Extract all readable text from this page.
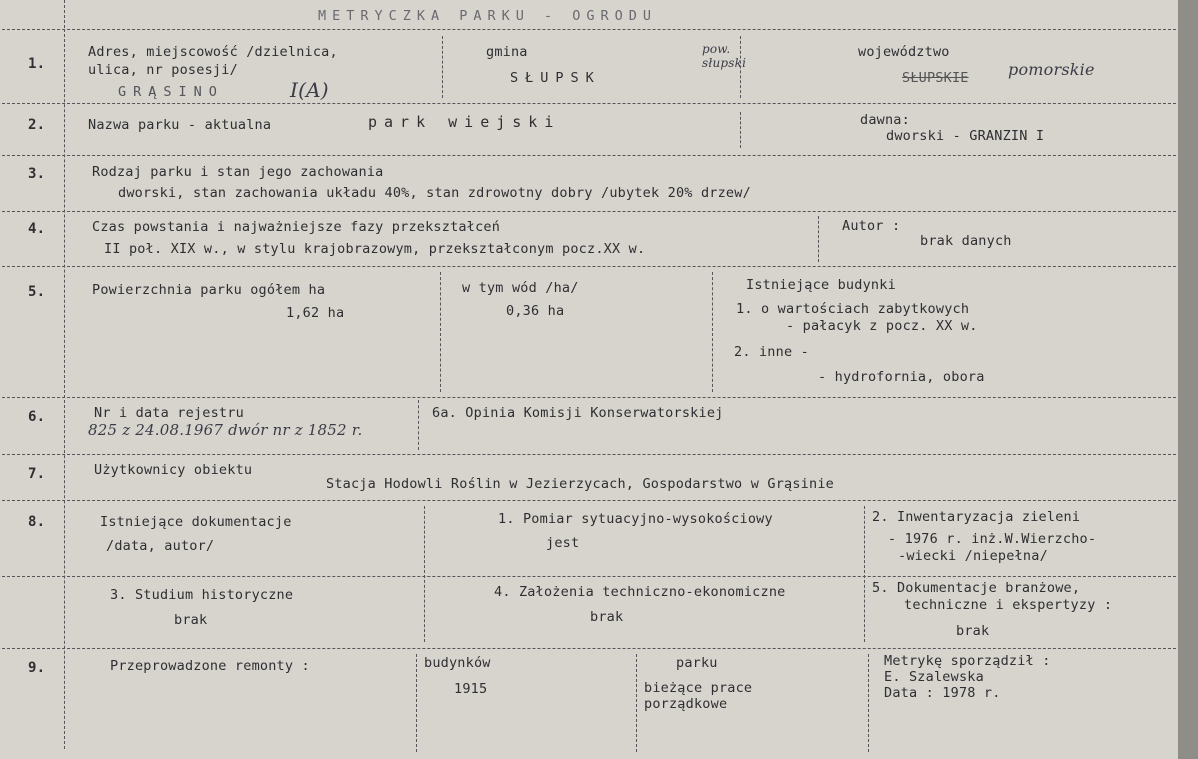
METRYCZKA PARKU - OGRODU
1.
Adres, miejscowość /dzielnica,
ulica, nr posesji/
GRĄSINO	I(A)
gmina
SŁUPSK
pow.
słupski
województwo
SŁUPSKIE pomorskie
2.	Nazwa parku - aktualna	park wiejski	dawna:
dworski - GRANZIN I
3.	Rodzaj parku i stan jego zachowania
dworski, stan zachowania układu 40%, stan zdrowotny dobry /ubytek 20% drzew/
4.	Czas powstania i najważniejsze fazy przekształceń
II poł. XIX w., w stylu krajobrazowym, przekształconym pocz.XX w.
Autor :
brak danych
5.	Powierzchnia parku ogółem ha
1,62 ha
w tym wód /ha/
0,36 ha
Istniejące budynki
1. o wartościach zabytkowych
- pałacyk z pocz. XX w.
2. inne -
- hydrofornia, obora
6.	Nr i data rejestru
825 z 24.08.1967 dwór nr z 1852 r.
6a. Opinia Komisji Konserwatorskiej
7.	Użytkownicy obiektu
Stacja Hodowli Roślin w Jezierzycach, Gospodarstwo w Grąsinie
8.	Istniejące dokumentacje
/data, autor/
1. Pomiar sytuacyjno-wysokościowy
jest
2. Inwentaryzacja zieleni
- 1976 r. inż.W.Wierzcho-
-wiecki /niepełna/
3. Studium historyczne
brak
4. Założenia techniczno-ekonomiczne
brak
5. Dokumentacje branżowe,
techniczne i ekspertyzy :
brak
9.	Przeprowadzone remonty :	budynków
1915
parku
bieżące prace
porządkowe
Metrykę sporządził :
E. Szalewska
Data : 1978 r.
